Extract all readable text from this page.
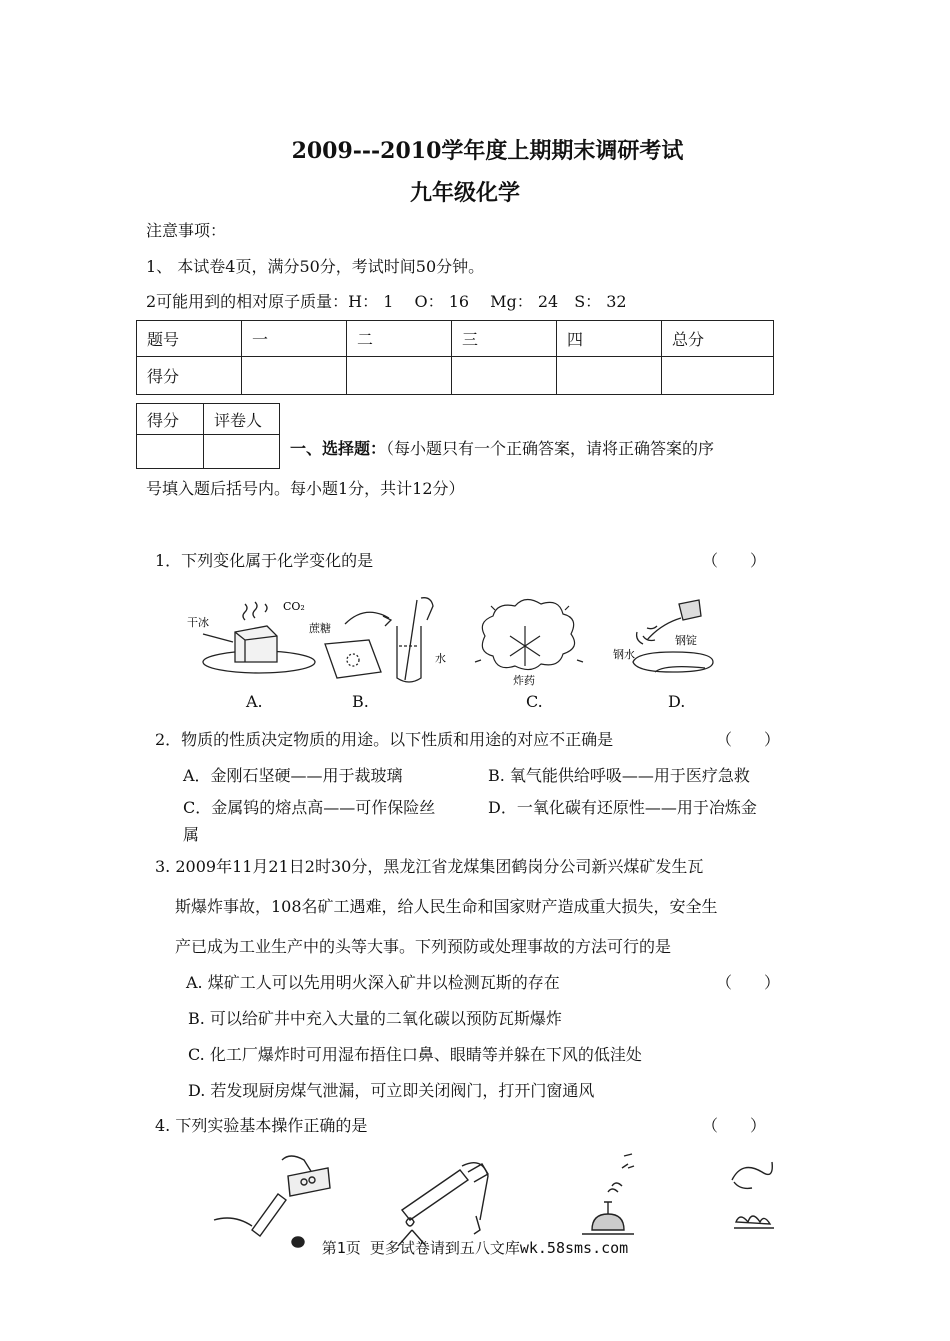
2009---2010学年度上期期末调研考试
九年级化学
注意事项：
1、 本试卷4页，满分50分，考试时间50分钟。
2可能用到的相对原子质量：H： 1　 O： 16　 Mg： 24　S： 32
题号	一	二	三	四	总分
得分					
得分	评卷人

一、选择题：（每小题只有一个正确答案，请将正确答案的序
号填入题后括号内。每小题1分，共计12分）
1．下列变化属于化学变化的是	（　　）
干冰
CO₂
蔗糖
水
炸药
钢水
钢锭
A.	B.	C.	D.
2．物质的性质决定物质的用途。以下性质和用途的对应不正确是	（　　）
A．金刚石坚硬——用于裁玻璃	B. 氧气能供给呼吸——用于医疗急救
C．金属钨的熔点高——可作保险丝	D．一氧化碳有还原性——用于冶炼金
属
3. 2009年11月21日2时30分，黑龙江省龙煤集团鹤岗分公司新兴煤矿发生瓦
斯爆炸事故，108名矿工遇难，给人民生命和国家财产造成重大损失，安全生
产已成为工业生产中的头等大事。下列预防或处理事故的方法可行的是
A. 煤矿工人可以先用明火深入矿井以检测瓦斯的存在	（　　）
B. 可以给矿井中充入大量的二氧化碳以预防瓦斯爆炸
C. 化工厂爆炸时可用湿布捂住口鼻、眼睛等并躲在下风的低洼处
D. 若发现厨房煤气泄漏，可立即关闭阀门，打开门窗通风
4. 下列实验基本操作正确的是	（　　）
第1页 更多试卷请到五八文库wk.58sms.com
